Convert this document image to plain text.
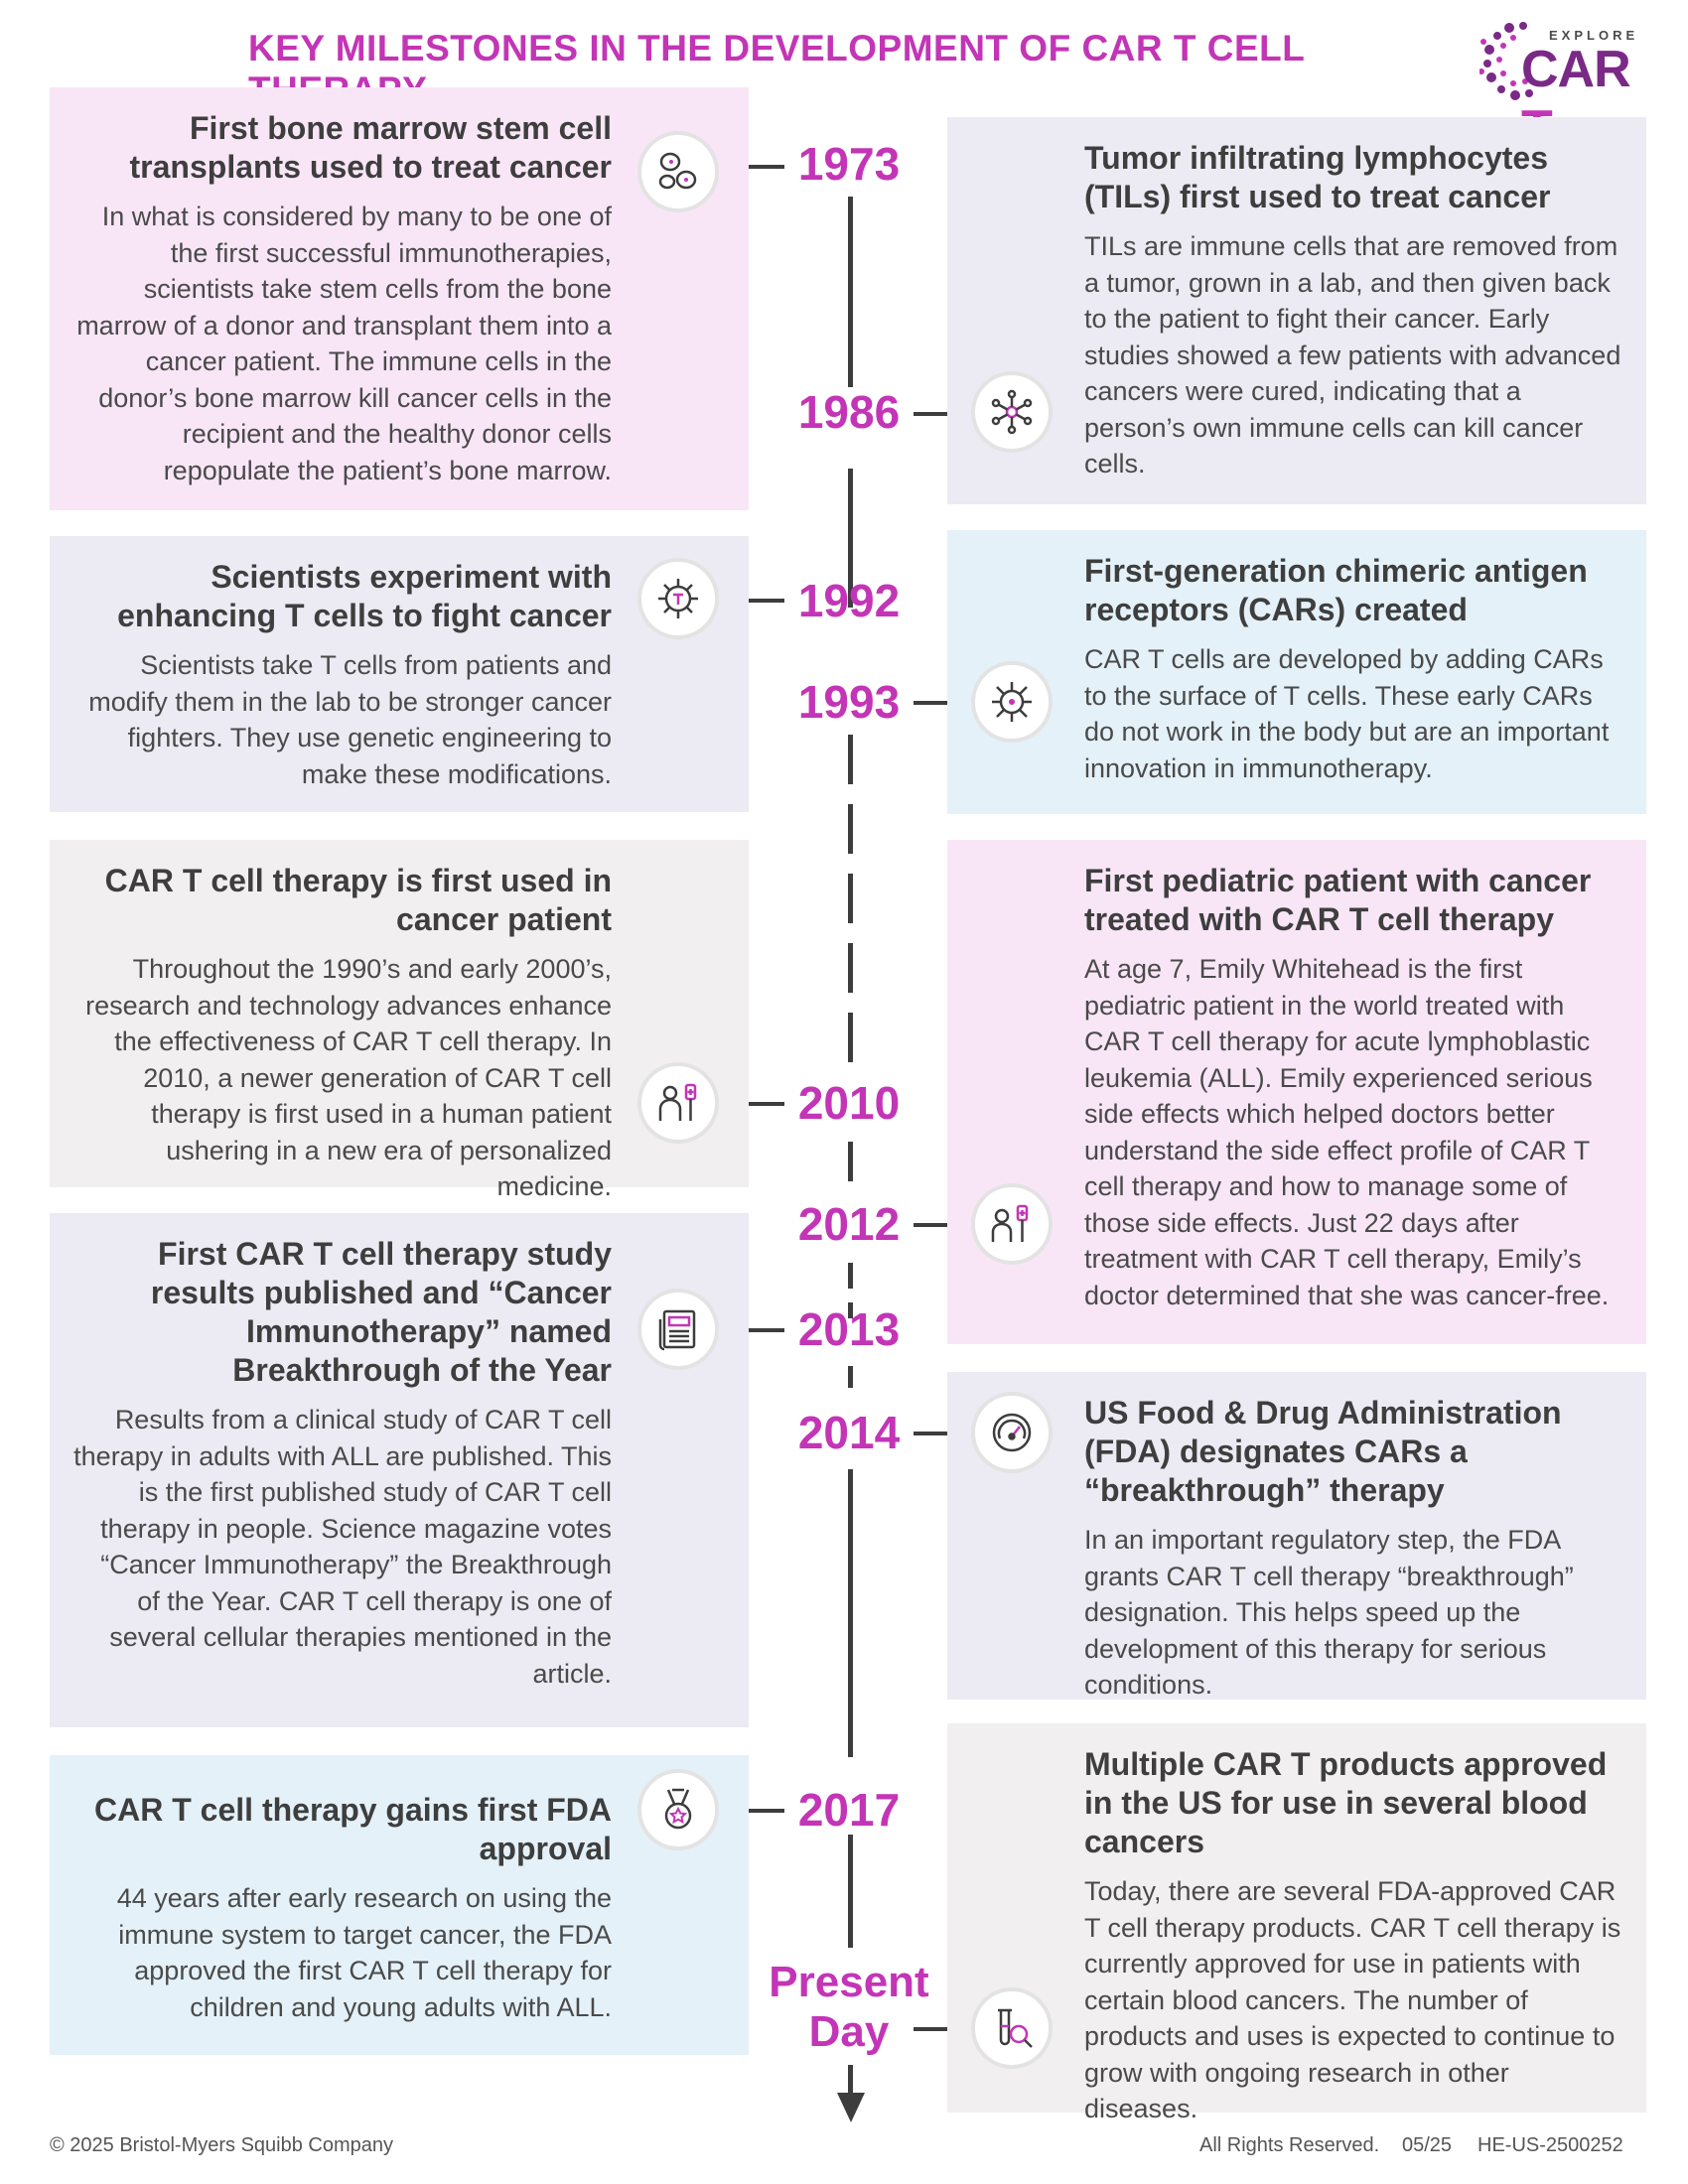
KEY MILESTONES IN THE DEVELOPMENT OF CAR T CELL	EXPLORE
CAR
1973
1986
1992
1993
2010
2012
2013
2014
2017
Present
Day
First bone marrow stem cell transplants used to treat cancer

In what is considered by many to be one of the first successful immunotherapies, scientists take stem cells from the bone marrow of a donor and transplant them into a cancer patient. The immune cells in the donor’s bone marrow kill cancer cells in the recipient and the healthy donor cells repopulate the patient’s bone marrow.

Scientists experiment with enhancing T cells to fight cancer

Scientists take T cells from patients and modify them in the lab to be stronger cancer fighters. They use genetic engineering to make these modifications.

CAR T cell therapy is first used in cancer patient

Throughout the 1990’s and early 2000’s, research and technology advances enhance the effectiveness of CAR T cell therapy. In 2010, a newer generation of CAR T cell therapy is first used in a human patient ushering in a new era of personalized medicine.

First CAR T cell therapy study results published and “Cancer Immunotherapy” named Breakthrough of the Year

Results from a clinical study of CAR T cell therapy in adults with ALL are published. This is the first published study of CAR T cell therapy in people. Science magazine votes “Cancer Immunotherapy” the Breakthrough of the Year. CAR T cell therapy is one of several cellular therapies mentioned in the article.

CAR T cell therapy gains first FDA approval

44 years after early research on using the immune system to target cancer, the FDA approved the first CAR T cell therapy for children and young adults with ALL.

Tumor infiltrating lymphocytes (TILs) first used to treat cancer

TILs are immune cells that are removed from a tumor, grown in a lab, and then given back to the patient to fight their cancer. Early studies showed a few patients with advanced cancers were cured, indicating that a person’s own immune cells can kill cancer cells.

First-generation chimeric antigen receptors (CARs) created

CAR T cells are developed by adding CARs to the surface of T cells. These early CARs do not work in the body but are an important innovation in immunotherapy.

First pediatric patient with cancer treated with CAR T cell therapy

At age 7, Emily Whitehead is the first pediatric patient in the world treated with CAR T cell therapy for acute lymphoblastic leukemia (ALL). Emily experienced serious side effects which helped doctors better understand the side effect profile of CAR T cell therapy and how to manage some of those side effects. Just 22 days after treatment with CAR T cell therapy, Emily’s doctor determined that she was cancer-free.

US Food & Drug Administration (FDA) designates CARs a “breakthrough” therapy

In an important regulatory step, the FDA grants CAR T cell therapy “breakthrough” designation. This helps speed up the development of this therapy for serious conditions.

Multiple CAR T products approved in the US for use in several blood cancers

Today, there are several FDA-approved CAR T cell therapy products. CAR T cell therapy is currently approved for use in patients with certain blood cancers. The number of products and uses is expected to continue to grow with ongoing research in other diseases.

© 2025 Bristol-Myers Squibb Company	All Rights Reserved. 05/25 HE-US-2500252
